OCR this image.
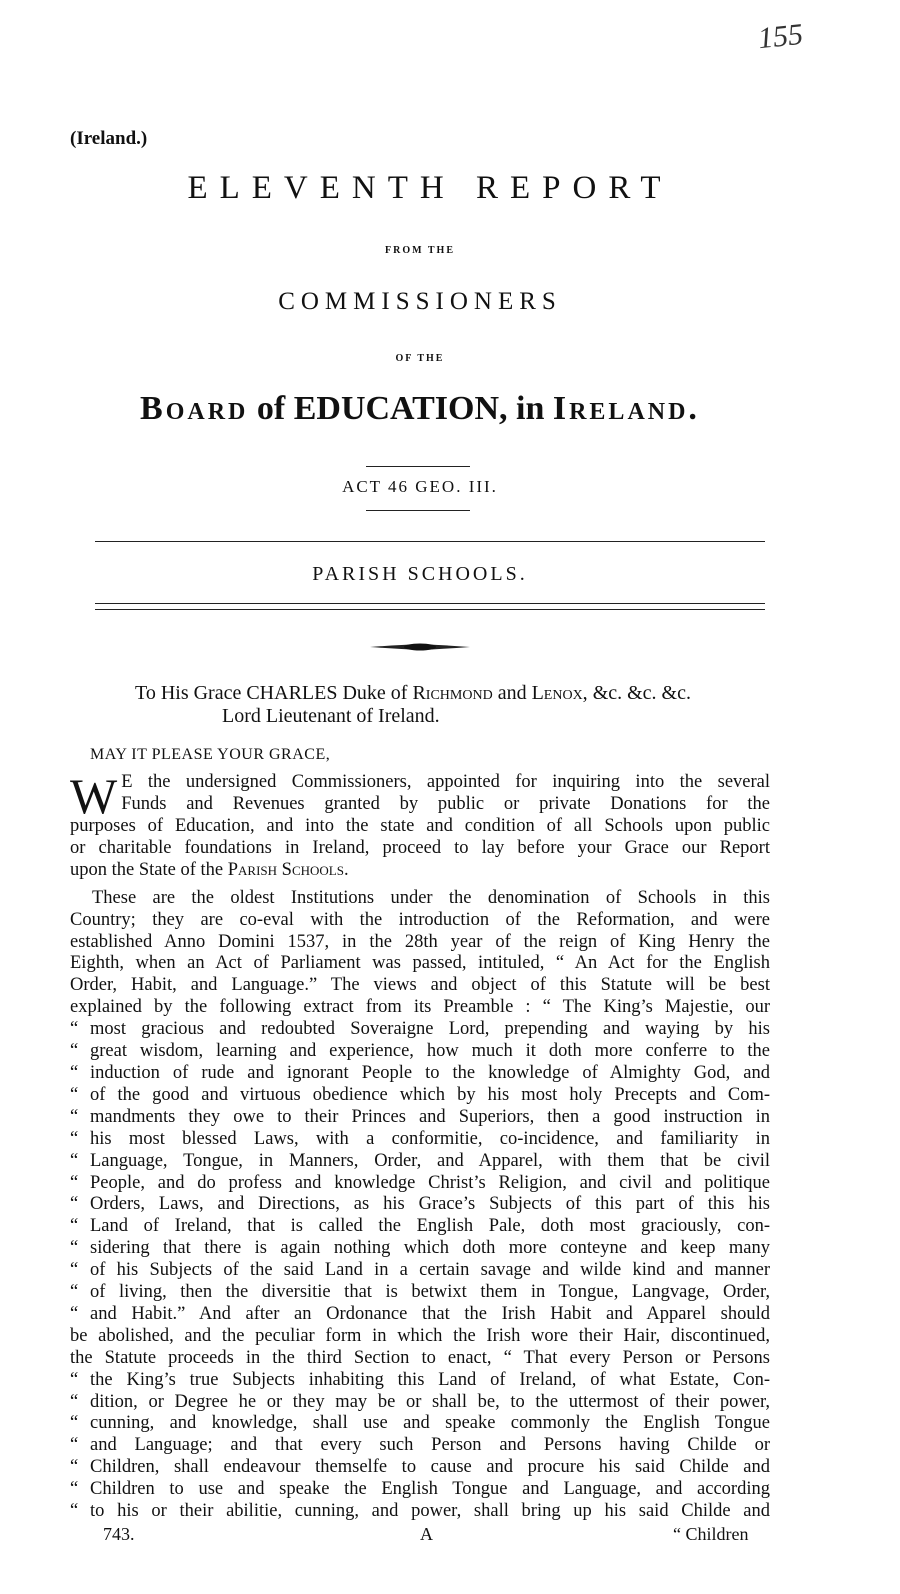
155
(Ireland.)
ELEVENTH REPORT
FROM THE
COMMISSIONERS
OF THE
Board of EDUCATION, in Ireland.
ACT 46 GEO. III.
PARISH SCHOOLS.
To His Grace CHARLES Duke of Richmond and Lenox, &c. &c. &c.
Lord Lieutenant of Ireland.
MAY IT PLEASE YOUR GRACE,
W E the undersigned Commissioners, appointed for inquiring into the several

Funds and Revenues granted by public or private Donations for the

purposes of Education, and into the state and condition of all Schools upon public

or charitable foundations in Ireland, proceed to lay before your Grace our Report

upon the State of the Parish Schools.

These are the oldest Institutions under the denomination of Schools in this

Country; they are co-eval with the introduction of the Reformation, and were

established Anno Domini 1537, in the 28th year of the reign of King Henry the

Eighth, when an Act of Parliament was passed, intituled, “ An Act for the English

Order, Habit, and Language.” The views and object of this Statute will be best

explained by the following extract from its Preamble : “ The King’s Majestie, our

“ most gracious and redoubted Soveraigne Lord, prepending and waying by his

“ great wisdom, learning and experience, how much it doth more conferre to the

“ induction of rude and ignorant People to the knowledge of Almighty God, and

“ of the good and virtuous obedience which by his most holy Precepts and Com-

“ mandments they owe to their Princes and Superiors, then a good instruction in

“ his most blessed Laws, with a conformitie, co-incidence, and familiarity in

“ Language, Tongue, in Manners, Order, and Apparel, with them that be civil

“ People, and do profess and knowledge Christ’s Religion, and civil and politique

“ Orders, Laws, and Directions, as his Grace’s Subjects of this part of this his

“ Land of Ireland, that is called the English Pale, doth most graciously, con-

“ sidering that there is again nothing which doth more conteyne and keep many

“ of his Subjects of the said Land in a certain savage and wilde kind and manner

“ of living, then the diversitie that is betwixt them in Tongue, Langvage, Order,

“ and Habit.” And after an Ordonance that the Irish Habit and Apparel should

be abolished, and the peculiar form in which the Irish wore their Hair, discontinued,

the Statute proceeds in the third Section to enact, “ That every Person or Persons

“ the King’s true Subjects inhabiting this Land of Ireland, of what Estate, Con-

“ dition, or Degree he or they may be or shall be, to the uttermost of their power,

“ cunning, and knowledge, shall use and speake commonly the English Tongue

“ and Language; and that every such Person and Persons having Childe or

“ Children, shall endeavour themselfe to cause and procure his said Childe and

“ Children to use and speake the English Tongue and Language, and according

“ to his or their abilitie, cunning, and power, shall bring up his said Childe and

743.	A	“ Children
